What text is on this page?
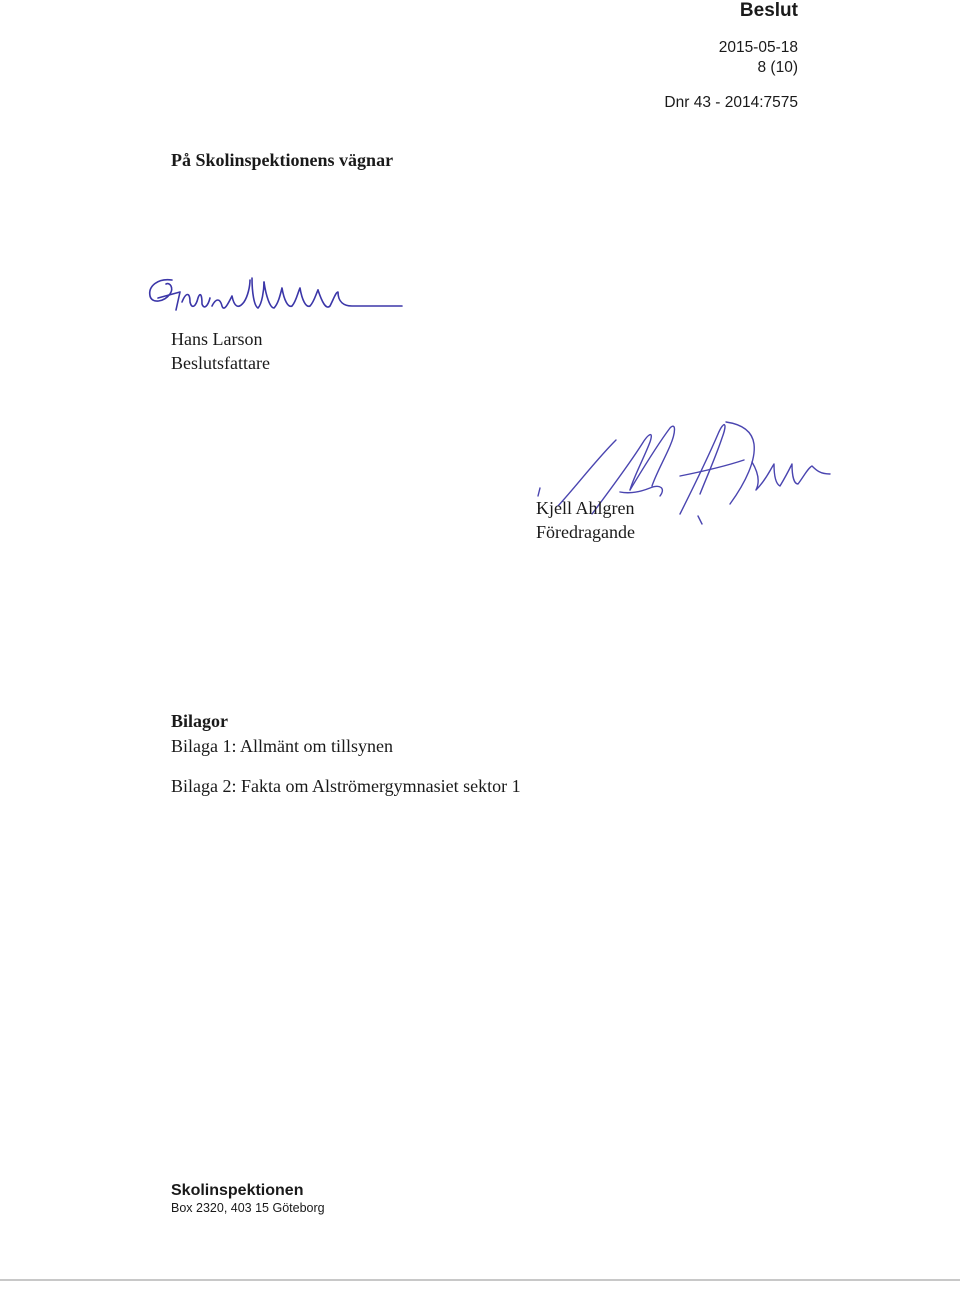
Beslut
2015-05-18
8 (10)
Dnr 43 - 2014:7575
På Skolinspektionens vägnar
Hans Larson
Beslutsfattare
Kjell Ahlgren
Föredragande
Bilagor
Bilaga 1: Allmänt om tillsynen
Bilaga 2: Fakta om Alströmergymnasiet sektor 1
Skolinspektionen
Box 2320, 403 15 Göteborg
